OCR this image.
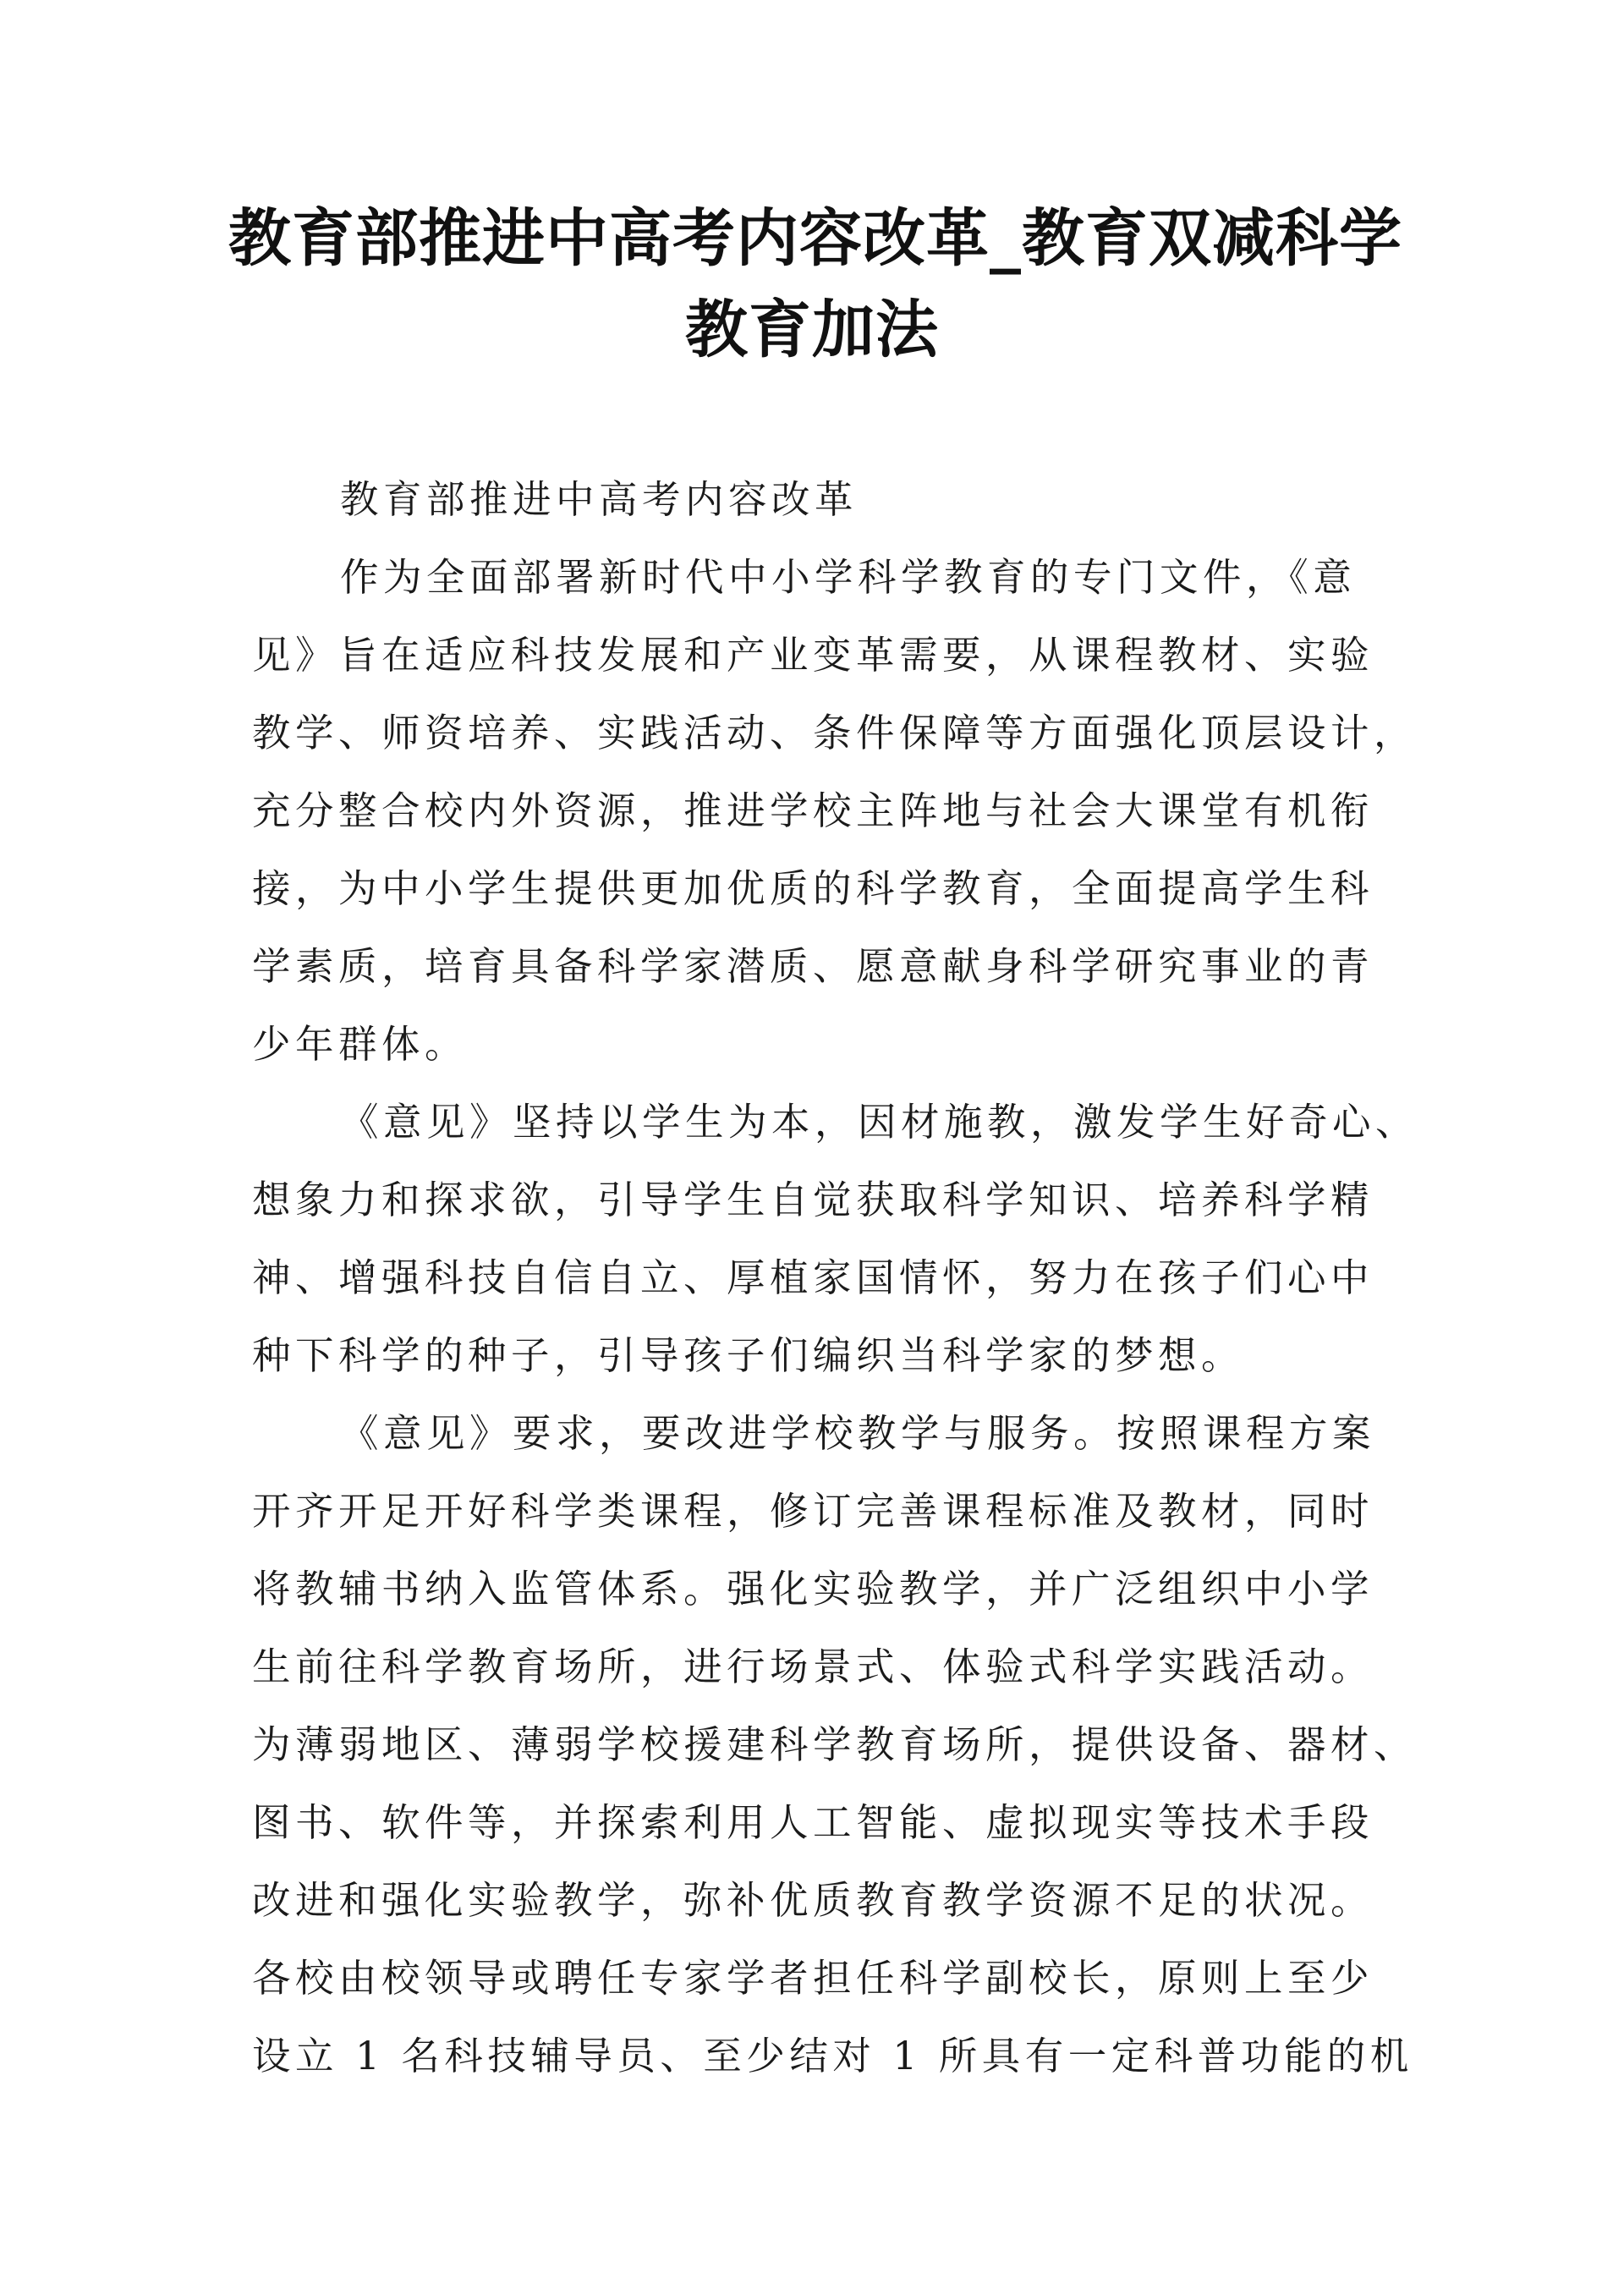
教育部推进中高考内容改革_教育双减科学
教育加法

教育部推进中高考内容改革

作为全面部署新时代中小学科学教育的专门文件，《意
见》旨在适应科技发展和产业变革需要，从课程教材、实验
教学、师资培养、实践活动、条件保障等方面强化顶层设计，
充分整合校内外资源，推进学校主阵地与社会大课堂有机衔
接，为中小学生提供更加优质的科学教育，全面提高学生科
学素质，培育具备科学家潜质、愿意献身科学研究事业的青
少年群体。

《意见》坚持以学生为本，因材施教，激发学生好奇心、
想象力和探求欲，引导学生自觉获取科学知识、培养科学精
神、增强科技自信自立、厚植家国情怀，努力在孩子们心中
种下科学的种子，引导孩子们编织当科学家的梦想。

《意见》要求，要改进学校教学与服务。按照课程方案
开齐开足开好科学类课程，修订完善课程标准及教材，同时
将教辅书纳入监管体系。强化实验教学，并广泛组织中小学
生前往科学教育场所，进行场景式、体验式科学实践活动。
为薄弱地区、薄弱学校援建科学教育场所，提供设备、器材、
图书、软件等，并探索利用人工智能、虚拟现实等技术手段
改进和强化实验教学，弥补优质教育教学资源不足的状况。
各校由校领导或聘任专家学者担任科学副校长，原则上至少
设立 1 名科技辅导员、至少结对 1 所具有一定科普功能的机
